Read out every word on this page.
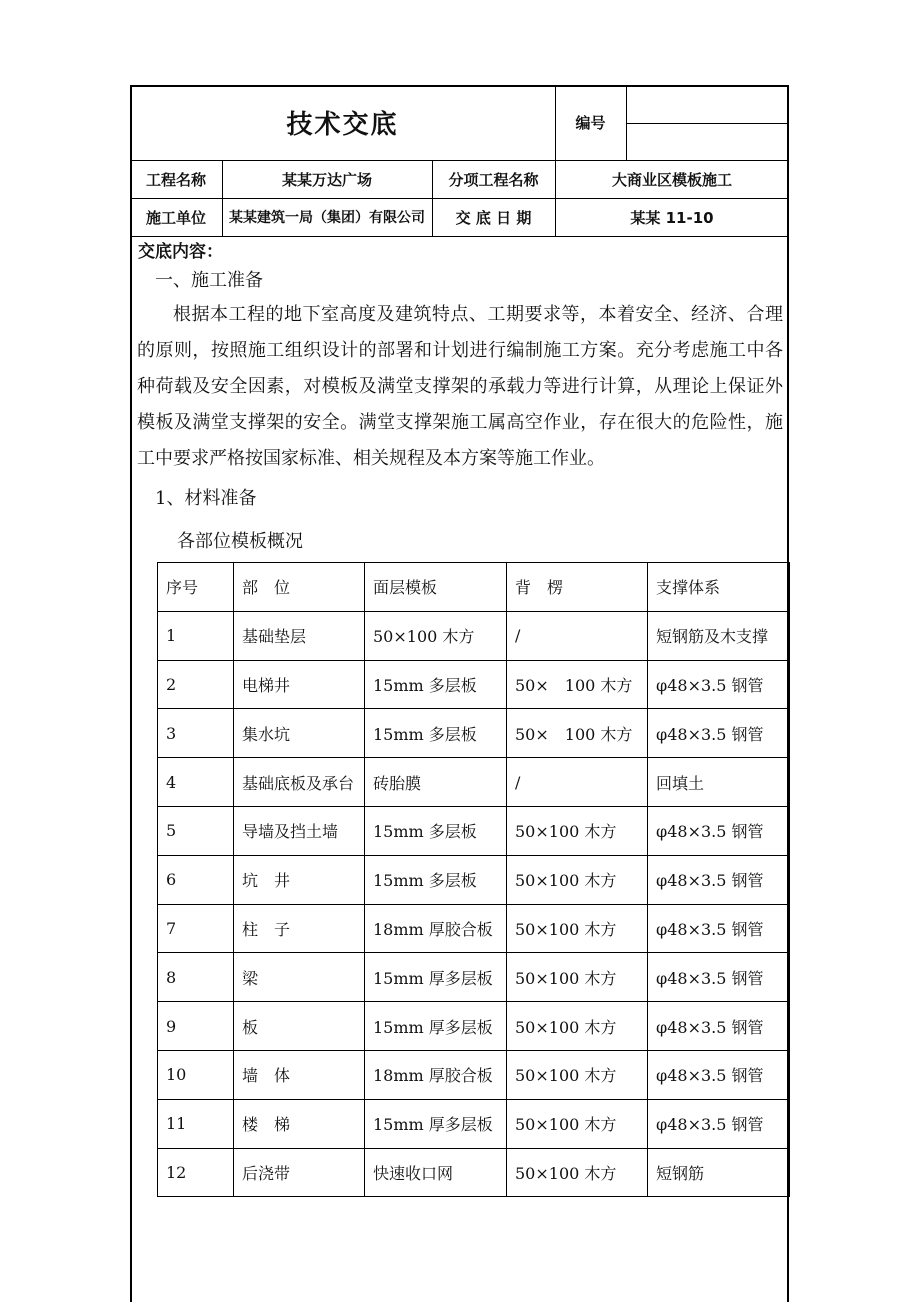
技术交底	编号
工程名称	某某万达广场	分项工程名称	大商业区模板施工
施工单位	某某建筑一局（集团）有限公司	交 底 日 期	某某 11-10
交底内容：
一、施工准备

根据本工程的地下室高度及建筑特点、工期要求等，本着安全、经济、合理的原则，按照施工组织设计的部署和计划进行编制施工方案。充分考虑施工中各种荷载及安全因素，对模板及满堂支撑架的承载力等进行计算，从理论上保证外模板及满堂支撑架的安全。满堂支撑架施工属高空作业，存在很大的危险性，施工中要求严格按国家标准、相关规程及本方案等施工作业。

1、材料准备
各部位模板概况
序号	部　位	面层模板	背　楞	支撑体系
1	基础垫层	50×100 木方	/	短钢筋及木支撑
2	电梯井	15mm 多层板	50×　100 木方	φ48×3.5 钢管
3	集水坑	15mm 多层板	50×　100 木方	φ48×3.5 钢管
4	基础底板及承台	砖胎膜	/	回填土
5	导墙及挡土墙	15mm 多层板	50×100 木方	φ48×3.5 钢管
6	坑　井	15mm 多层板	50×100 木方	φ48×3.5 钢管
7	柱　子	18mm 厚胶合板	50×100 木方	φ48×3.5 钢管
8	梁	15mm 厚多层板	50×100 木方	φ48×3.5 钢管
9	板	15mm 厚多层板	50×100 木方	φ48×3.5 钢管
10	墙　体	18mm 厚胶合板	50×100 木方	φ48×3.5 钢管
11	楼　梯	15mm 厚多层板	50×100 木方	φ48×3.5 钢管
12	后浇带	快速收口网	50×100 木方	短钢筋
